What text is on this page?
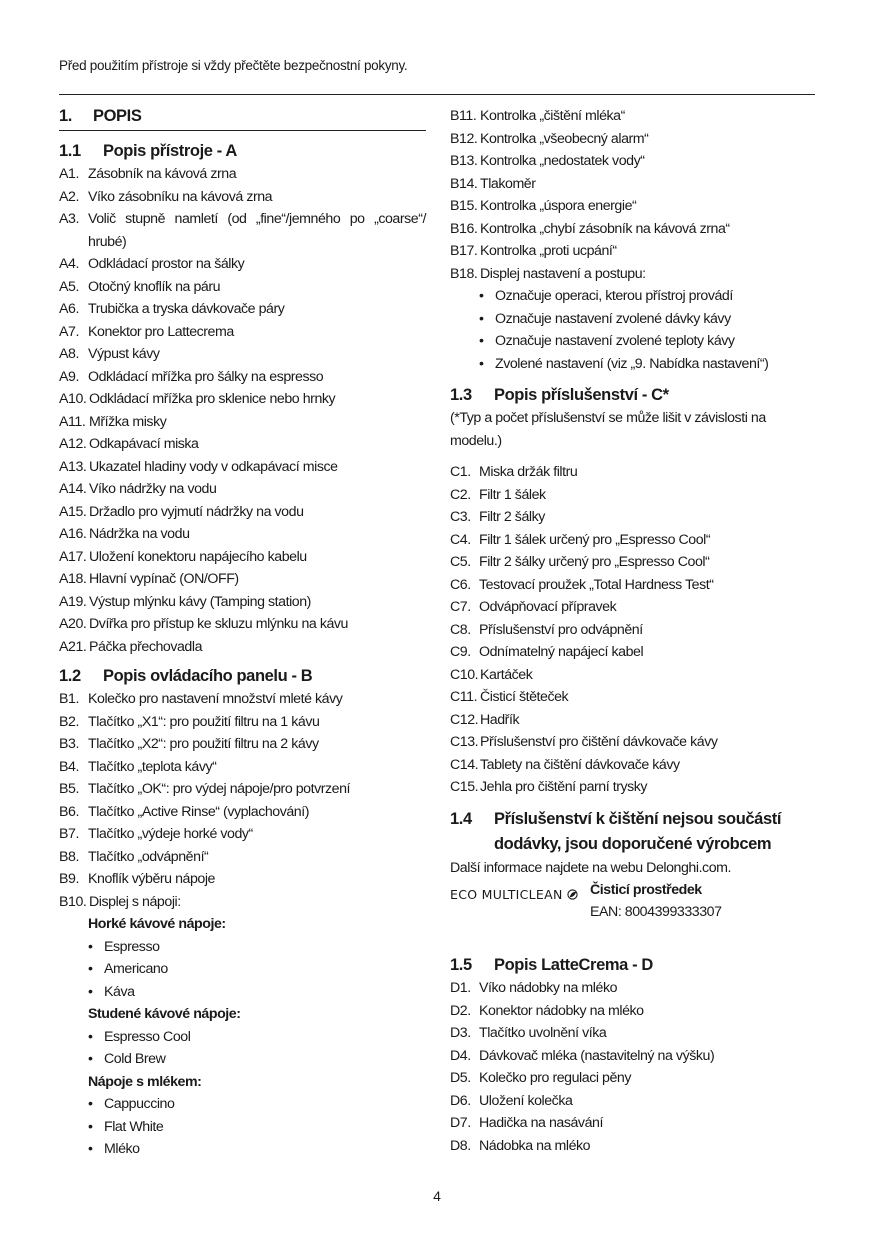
Před použitím přístroje si vždy přečtěte bezpečnostní pokyny.
1.	POPIS
1.1	Popis přístroje - A
A1. Zásobník na kávová zrna
A2. Víko zásobníku na kávová zrna
A3. Volič stupně namletí (od „fine“/jemného po „coarse“/ hrubé)
A4. Odkládací prostor na šálky
A5. Otočný knoflík na páru
A6. Trubička a tryska dávkovače páry
A7. Konektor pro Lattecrema
A8. Výpust kávy
A9. Odkládací mřížka pro šálky na espresso
A10. Odkládací mřížka pro sklenice nebo hrnky
A11. Mřížka misky
A12. Odkapávací miska
A13. Ukazatel hladiny vody v odkapávací misce
A14. Víko nádržky na vodu
A15. Držadlo pro vyjmutí nádržky na vodu
A16. Nádržka na vodu
A17. Uložení konektoru napájecího kabelu
A18. Hlavní vypínač (ON/OFF)
A19. Výstup mlýnku kávy (Tamping station)
A20. Dvířka pro přístup ke skluzu mlýnku na kávu
A21. Páčka přechovadla
1.2	Popis ovládacího panelu - B
B1. Kolečko pro nastavení množství mleté kávy
B2. Tlačítko „X1“: pro použití filtru na 1 kávu
B3. Tlačítko „X2“: pro použití filtru na 2 kávy
B4. Tlačítko „teplota kávy“
B5. Tlačítko „OK“: pro výdej nápoje/pro potvrzení
B6. Tlačítko „Active Rinse“ (vyplachování)
B7. Tlačítko „výdeje horké vody“
B8. Tlačítko „odvápnění“
B9. Knoflík výběru nápoje
B10. Displej s nápoji:
Horké kávové nápoje:
• Espresso
• Americano
• Káva
Studené kávové nápoje:
• Espresso Cool
• Cold Brew
Nápoje s mlékem:
• Cappuccino
• Flat White
• Mléko
B11. Kontrolka „čištění mléka“
B12. Kontrolka „všeobecný alarm“
B13. Kontrolka „nedostatek vody“
B14. Tlakoměr
B15. Kontrolka „úspora energie“
B16. Kontrolka „chybí zásobník na kávová zrna“
B17. Kontrolka „proti ucpání“
B18. Displej nastavení a postupu:
• Označuje operaci, kterou přístroj provádí
• Označuje nastavení zvolené dávky kávy
• Označuje nastavení zvolené teploty kávy
• Zvolené nastavení (viz „9. Nabídka nastavení“)
1.3	Popis příslušenství - C*
(*Typ a počet příslušenství se může lišit v závislosti na modelu.)
C1. Miska držák filtru
C2. Filtr 1 šálek
C3. Filtr 2 šálky
C4. Filtr 1 šálek určený pro „Espresso Cool“
C5. Filtr 2 šálky určený pro „Espresso Cool“
C6. Testovací proužek „Total Hardness Test“
C7. Odvápňovací přípravek
C8. Příslušenství pro odvápnění
C9. Odnímatelný napájecí kabel
C10. Kartáček
C11. Čisticí štěteček
C12. Hadřík
C13. Příslušenství pro čištění dávkovače kávy
C14. Tablety na čištění dávkovače kávy
C15. Jehla pro čištění parní trysky
1.4	Příslušenství k čištění nejsou součástí
dodávky, jsou doporučené výrobcem
Další informace najdete na webu Delonghi.com.
ECO MULTICLEAN	Čisticí prostředek
EAN: 8004399333307
1.5	Popis LatteCrema - D
D1. Víko nádobky na mléko
D2. Konektor nádobky na mléko
D3. Tlačítko uvolnění víka
D4. Dávkovač mléka (nastavitelný na výšku)
D5. Kolečko pro regulaci pěny
D6. Uložení kolečka
D7. Hadička na nasávání
D8. Nádobka na mléko
4
